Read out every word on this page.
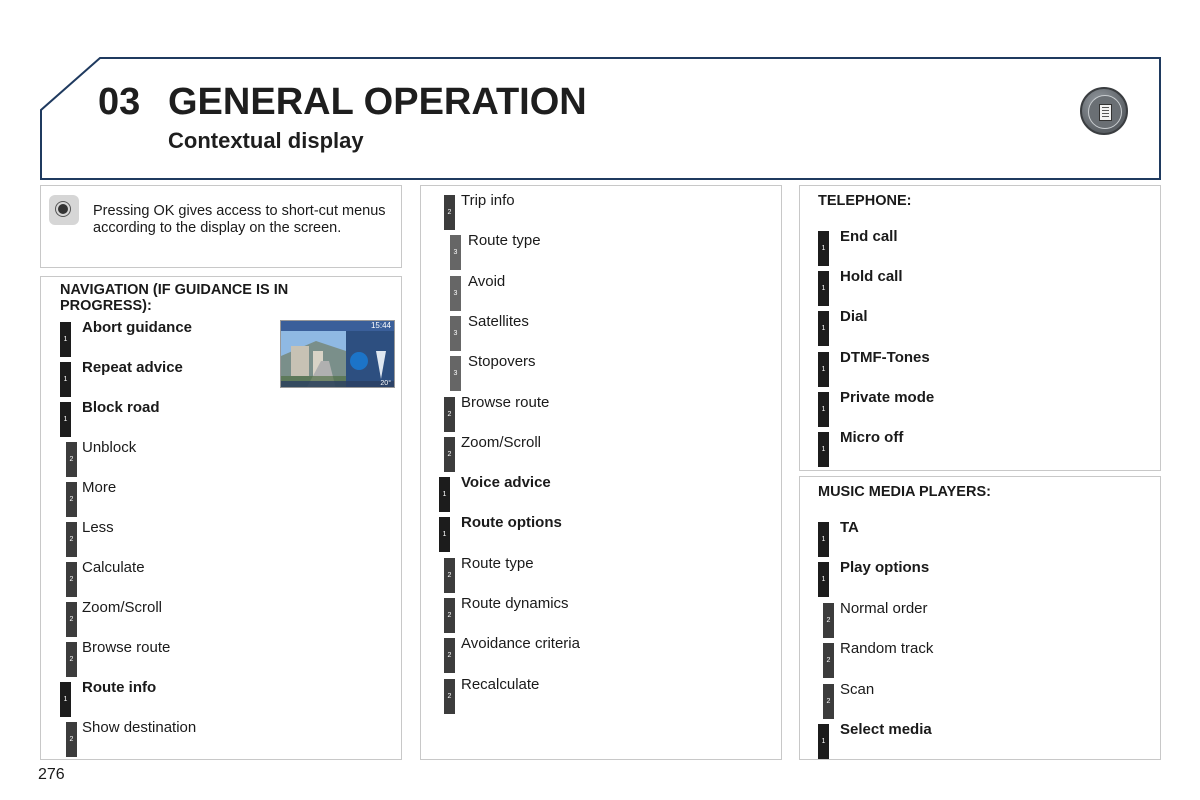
03 GENERAL OPERATION
Contextual display
Pressing OK gives access to short-cut menus according to the display on the screen.
NAVIGATION (IF GUIDANCE IS IN PROGRESS):
1
Abort guidance
1
Repeat advice
1
Block road
2
Unblock
2
More
2
Less
2
Calculate
2
Zoom/Scroll
2
Browse route
1
Route info
2
Show destination
15:44
20°
2
Trip info
3
Route type
3
Avoid
3
Satellites
3
Stopovers
2
Browse route
2
Zoom/Scroll
1
Voice advice
1
Route options
2
Route type
2
Route dynamics
2
Avoidance criteria
2
Recalculate
TELEPHONE:
1
End call
1
Hold call
1
Dial
1
DTMF-Tones
1
Private mode
1
Micro off
MUSIC MEDIA PLAYERS:
1
TA
1
Play options
2
Normal order
2
Random track
2
Scan
1
Select media
276
